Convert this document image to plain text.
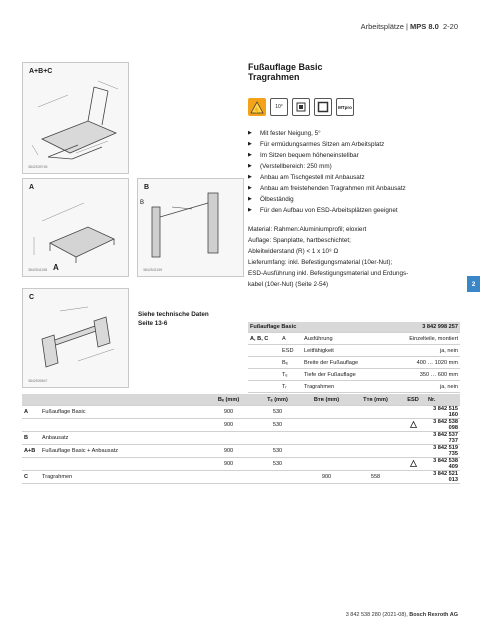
Arbeitsplätze | MPS 8.0 2-20
2
A+B+C
3842539745
A
A
3842541158
B
B
3842541159
C
3842539847
Siehe technische Daten
Seite 13-6
Fußauflage Basic
Tragrahmen
✋
10°	MTpro
▶ Mit fester Neigung, 5°
▶ Für ermüdungsarmes Sitzen am Arbeitsplatz
▶ Im Sitzen bequem höheneinstellbar
▶ (Verstellbereich: 250 mm)
▶ Anbau am Tischgestell mit Anbausatz
▶ Anbau am freistehenden Tragrahmen mit Anbausatz
▶ Ölbeständig
▶ Für den Aufbau von ESD-Arbeitsplätzen geeignet
Material: Rahmen:Aluminiumprofil; eloxiert
Auflage: Spanplatte, hartbeschichtet;
Ableitwiderstand (R) < 1 x 10⁹ Ω
Lieferumfang: inkl. Befestigungsmaterial (10er-Nut);
ESD-Ausführung inkl. Befestigungsmaterial und Erdungs-
kabel (10er-Nut) (Seite 2-54)
Fußauflage Basic			3 842 998 257
A, B, C	A	Ausführung	Einzelteile, montiert
	ESD	Leitfähigkeit	ja, nein
	Bₑ	Breite der Fußauflage	400 … 1020 mm
	Tₑ	Tiefe der Fußauflage	350 … 600 mm
	Tᵣ	Tragrahmen	ja, nein
		Bₑ (mm)	Tₑ (mm)	Bᴛʀ (mm)	Tᴛʀ (mm)	ESD	Nr.
A	Fußauflage Basic	900	530				3 842 515 160
		900	530				3 842 538 098
B	Anbausatz						3 842 537 737
A+B	Fußauflage Basic + Anbausatz	900	530				3 842 519 735
		900	530				3 842 538 409
C	Tragrahmen			900	558		3 842 521 013
3 842 538 280 (2021-08), Bosch Rexroth AG
